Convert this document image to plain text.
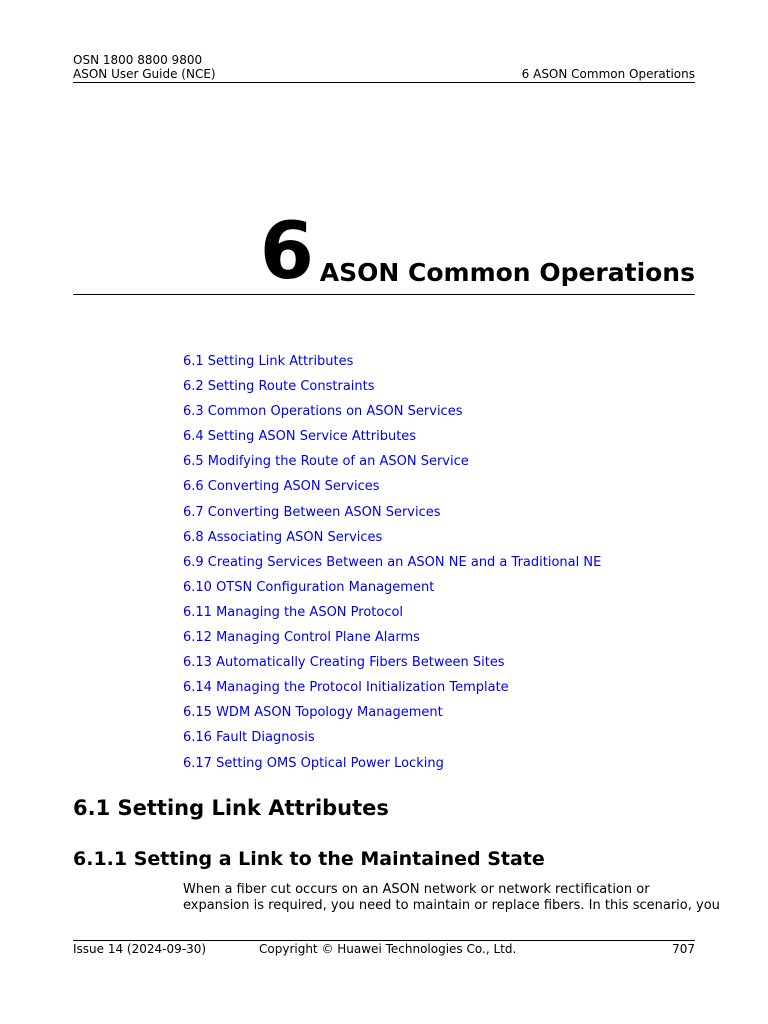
OSN 1800 8800 9800
ASON User Guide (NCE)	6 ASON Common Operations
6 ASON Common Operations
6.1 Setting Link Attributes
6.2 Setting Route Constraints
6.3 Common Operations on ASON Services
6.4 Setting ASON Service Attributes
6.5 Modifying the Route of an ASON Service
6.6 Converting ASON Services
6.7 Converting Between ASON Services
6.8 Associating ASON Services
6.9 Creating Services Between an ASON NE and a Traditional NE
6.10 OTSN Configuration Management
6.11 Managing the ASON Protocol
6.12 Managing Control Plane Alarms
6.13 Automatically Creating Fibers Between Sites
6.14 Managing the Protocol Initialization Template
6.15 WDM ASON Topology Management
6.16 Fault Diagnosis
6.17 Setting OMS Optical Power Locking
6.1 Setting Link Attributes
6.1.1 Setting a Link to the Maintained State

When a fiber cut occurs on an ASON network or network rectification or
expansion is required, you need to maintain or replace fibers. In this scenario, you

Issue 14 (2024-09-30)	Copyright © Huawei Technologies Co., Ltd.	707
